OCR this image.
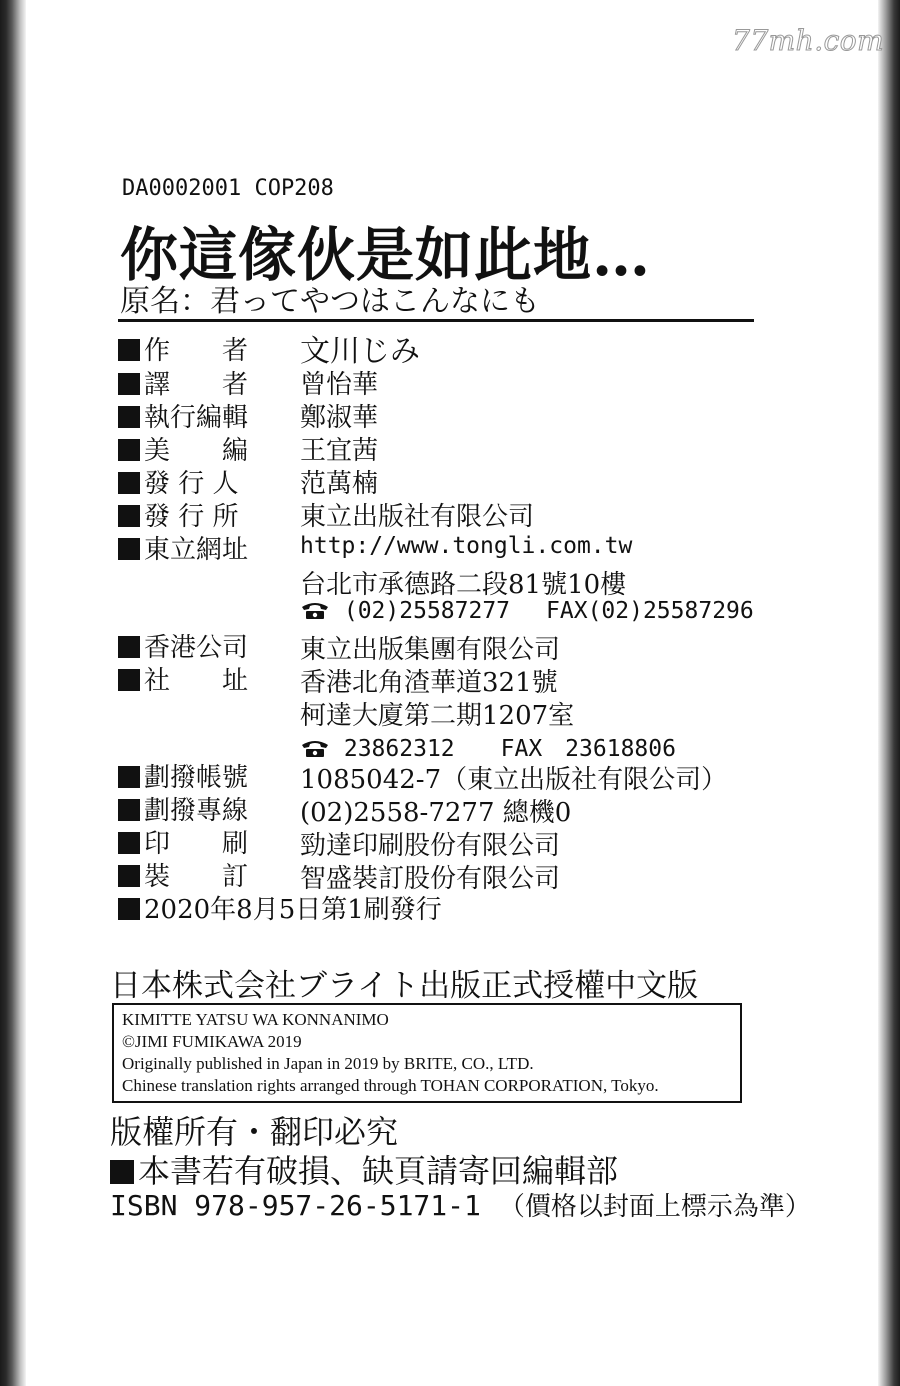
77mh.com
DA0002001 COP208
你這傢伙是如此地…
原名：君ってやつはこんなにも
作　　者 文川じみ
譯　　者 曾怡華
執行編輯 鄭淑華
美　　編 王宜茜
發 行 人 范萬楠
發 行 所 東立出版社有限公司
東立網址 http://www.tongli.com.tw
台北市承德路二段81號10樓
(02)25587277 FAX(02)25587296
香港公司 東立出版集團有限公司
社　　址 香港北角渣華道321號
柯達大廈第二期1207室
23862312 FAX　23618806
劃撥帳號 1085042-7（東立出版社有限公司）
劃撥專線 (02)2558-7277 總機0
印　　刷 勁達印刷股份有限公司
裝　　訂 智盛裝訂股份有限公司
2020年8月5日第1刷發行
日本株式会社ブライト出版正式授權中文版
KIMITTE YATSU WA KONNANIMO
©JIMI FUMIKAWA 2019
Originally published in Japan in 2019 by BRITE, CO., LTD.
Chinese translation rights arranged through TOHAN CORPORATION, Tokyo.
版權所有・翻印必究
本書若有破損、缺頁請寄回編輯部
ISBN 978-957-26-5171-1 （價格以封面上標示為準）
